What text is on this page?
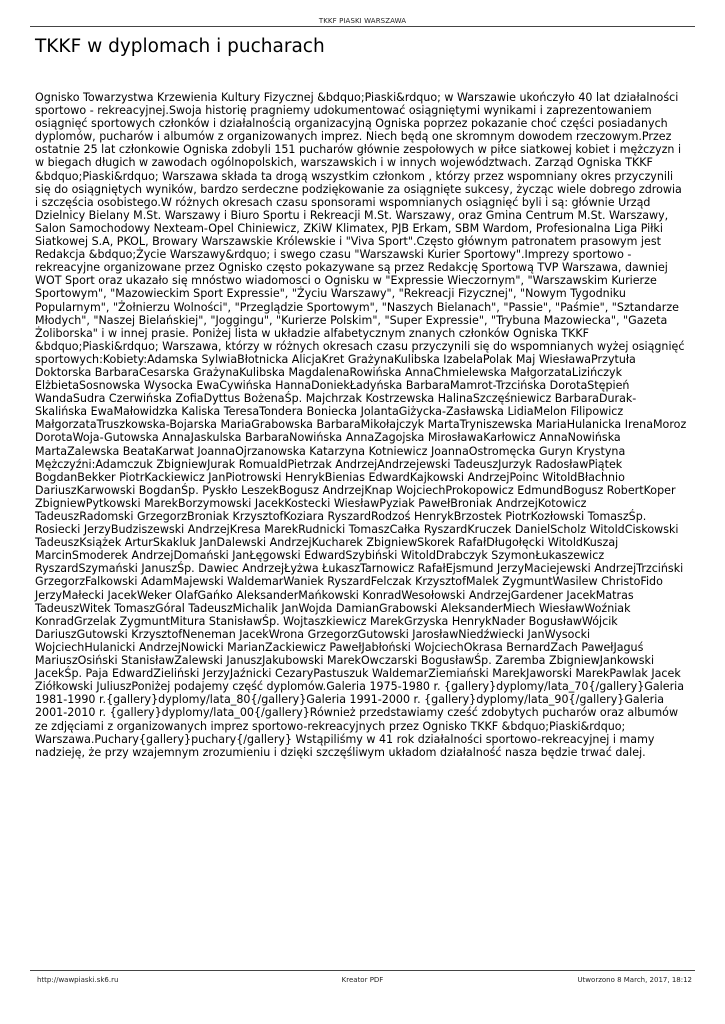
TKKF PIASKI WARSZAWA
TKKF w dyplomach i pucharach

Ognisko Towarzystwa Krzewienia Kultury Fizycznej &bdquo;Piaski&rdquo; w Warszawie ukończyło 40 lat działalności sportowo - rekreacyjnej.Swoja historię pragniemy udokumentować osiągniętymi wynikami i zaprezentowaniem osiągnięć sportowych członków i działalnością organizacyjną Ogniska poprzez pokazanie choć części posiadanych dyplomów, pucharów i albumów z organizowanych imprez. Niech będą one skromnym dowodem rzeczowym.Przez ostatnie 25 lat członkowie Ogniska zdobyli 151 pucharów głównie zespołowych w piłce siatkowej kobiet i mężczyzn i w biegach długich w zawodach ogólnopolskich, warszawskich i w innych województwach. Zarząd Ogniska TKKF &bdquo;Piaski&rdquo; Warszawa składa ta drogą wszystkim członkom , którzy przez wspomniany okres przyczynili się do osiągniętych wyników, bardzo serdeczne podziękowanie za osiągnięte sukcesy, życząc wiele dobrego zdrowia i szczęścia osobistego.W różnych okresach czasu sponsorami wspomnianych osiągnięć byli i są: głównie Urząd Dzielnicy Bielany M.St. Warszawy i Biuro Sportu i Rekreacji M.St. Warszawy, oraz Gmina Centrum M.St. Warszawy, Salon Samochodowy Nexteam-Opel Chiniewicz, ZKiW Klimatex, PJB Erkam, SBM Wardom, Profesionalna Liga Piłki Siatkowej S.A, PKOL, Browary Warszawskie Królewskie i "Viva Sport".Często głównym patronatem prasowym jest Redakcja &bdquo;Życie Warszawy&rdquo; i swego czasu "Warszawski Kurier Sportowy".Imprezy sportowo - rekreacyjne organizowane przez Ognisko często pokazywane są przez Redakcję Sportową TVP Warszawa, dawniej WOT Sport oraz ukazało się mnóstwo wiadomosci o Ognisku w "Expressie Wieczornym", "Warszawskim Kurierze Sportowym", "Mazowieckim Sport Expressie", "Życiu Warszawy", "Rekreacji Fizycznej", "Nowym Tygodniku Popularnym", "Żołnierzu Wolności", "Przeglądzie Sportowym", "Naszych Bielanach", "Passie", "Paśmie", "Sztandarze Młodych", "Naszej Bielańskiej", "Joggingu", "Kurierze Polskim", "Super Expressie", "Trybuna Mazowiecka", "Gazeta Żoliborska" i w innej prasie. Poniżej lista w układzie alfabetycznym znanych członków Ogniska TKKF &bdquo;Piaski&rdquo; Warszawa, którzy w różnych okresach czasu przyczynili się do wspomnianych wyżej osiągnięć sportowych:Kobiety:Adamska SylwiaBłotnicka AlicjaKret GrażynaKulibska IzabelaPolak Maj WiesławaPrzytuła Doktorska BarbaraCesarska GrażynaKulibska MagdalenaRowińska AnnaChmielewska MałgorzataLizińczyk ElżbietaSosnowska Wysocka EwaCywińska HannaDoniekŁadyńska BarbaraMamrot-Trzcińska DorotaStępień WandaSudra Czerwińska ZofiaDyttus BożenaŚp. Majchrzak Kostrzewska HalinaSzczęśniewicz BarbaraDurak-Skalińska EwaMałowidzka Kaliska TeresaTondera Boniecka JolantaGiżycka-Zasławska LidiaMelon Filipowicz MałgorzataTruszkowska-Bojarska MariaGrabowska BarbaraMikołajczyk MartaTryniszewska MariaHulanicka IrenaMoroz DorotaWoja-Gutowska AnnaJaskulska BarbaraNowińska AnnaZagojska MirosławaKarłowicz AnnaNowińska MartaZalewska BeataKarwat JoannaOjrzanowska Katarzyna Kotniewicz JoannaOstromęcka Guryn Krystyna Mężczyźni:Adamczuk ZbigniewJurak RomualdPietrzak AndrzejAndrzejewski TadeuszJurzyk RadosławPiątek BogdanBekker PiotrKackiewicz JanPiotrowski HenrykBienias EdwardKajkowski AndrzejPoinc WitoldBłachnio DariuszKarwowski BogdanŚp. Pyskło LeszekBogusz AndrzejKnap WojciechProkopowicz EdmundBogusz RobertKoper ZbigniewPytkowski MarekBorzymowski JacekKostecki WiesławPyziak PawełBroniak AndrzejKotowicz TadeuszRadomski GrzegorzBroniak KrzysztofKoziara RyszardRodzoś HenrykBrzostek PiotrKozłowski TomaszŚp. Rosiecki JerzyBudziszewski AndrzejKresa MarekRudnicki TomaszCałka RyszardKruczek DanielScholz WitoldCiskowski TadeuszKsiążek ArturSkakluk JanDalewski AndrzejKucharek ZbigniewSkorek RafałDługołęcki WitoldKuszaj MarcinSmoderek AndrzejDomański JanŁęgowski EdwardSzybiński WitoldDrabczyk SzymonŁukaszewicz RyszardSzymański JanuszŚp. Dawiec AndrzejŁyżwa ŁukaszTarnowicz RafałEjsmund JerzyMaciejewski AndrzejTrzciński GrzegorzFalkowski AdamMajewski WaldemarWaniek RyszardFelczak KrzysztofMalek ZygmuntWasilew ChristoFido JerzyMałecki JacekWeker OlafGańko AleksanderMańkowski KonradWesołowski AndrzejGardener JacekMatras TadeuszWitek TomaszGóral TadeuszMichalik JanWojda DamianGrabowski AleksanderMiech WiesławWoźniak KonradGrzelak ZygmuntMitura StanisławŚp. Wojtaszkiewicz MarekGrzyska HenrykNader BogusławWójcik DariuszGutowski KrzysztofNeneman JacekWrona GrzegorzGutowski JarosławNiedźwiecki JanWysocki WojciechHulanicki AndrzejNowicki MarianZackiewicz PawełJabłoński WojciechOkrasa BernardZach PawełJaguś MariuszOsiński StanisławZalewski JanuszJakubowski MarekOwczarski BogusławŚp. Zaremba ZbigniewJankowski JacekŚp. Paja EdwardZieliński JerzyJaźnicki CezaryPastuszuk WaldemarZiemiański MarekJaworski MarekPawlak Jacek Ziółkowski JuliuszPoniżej podajemy część dyplomów.Galeria 1975-1980 r. {gallery}dyplomy/lata_70{/gallery}Galeria 1981-1990 r.{gallery}dyplomy/lata_80{/gallery}Galeria 1991-2000 r. {gallery}dyplomy/lata_90{/gallery}Galeria 2001-2010 r. {gallery}dyplomy/lata_00{/gallery}Również przedstawiamy cześć zdobytych pucharów oraz albumów ze zdjęciami z organizowanych imprez sportowo-rekreacyjnych przez Ognisko TKKF &bdquo;Piaski&rdquo; Warszawa.Puchary{gallery}puchary{/gallery} Wstąpiliśmy w 41 rok działalności sportowo-rekreacyjnej i mamy nadzieję, że przy wzajemnym zrozumieniu i dzięki szczęśliwym układom działalność nasza będzie trwać dalej.

http://wawpiaski.sk6.ru	Kreator PDF	Utworzono 8 March, 2017, 18:12
